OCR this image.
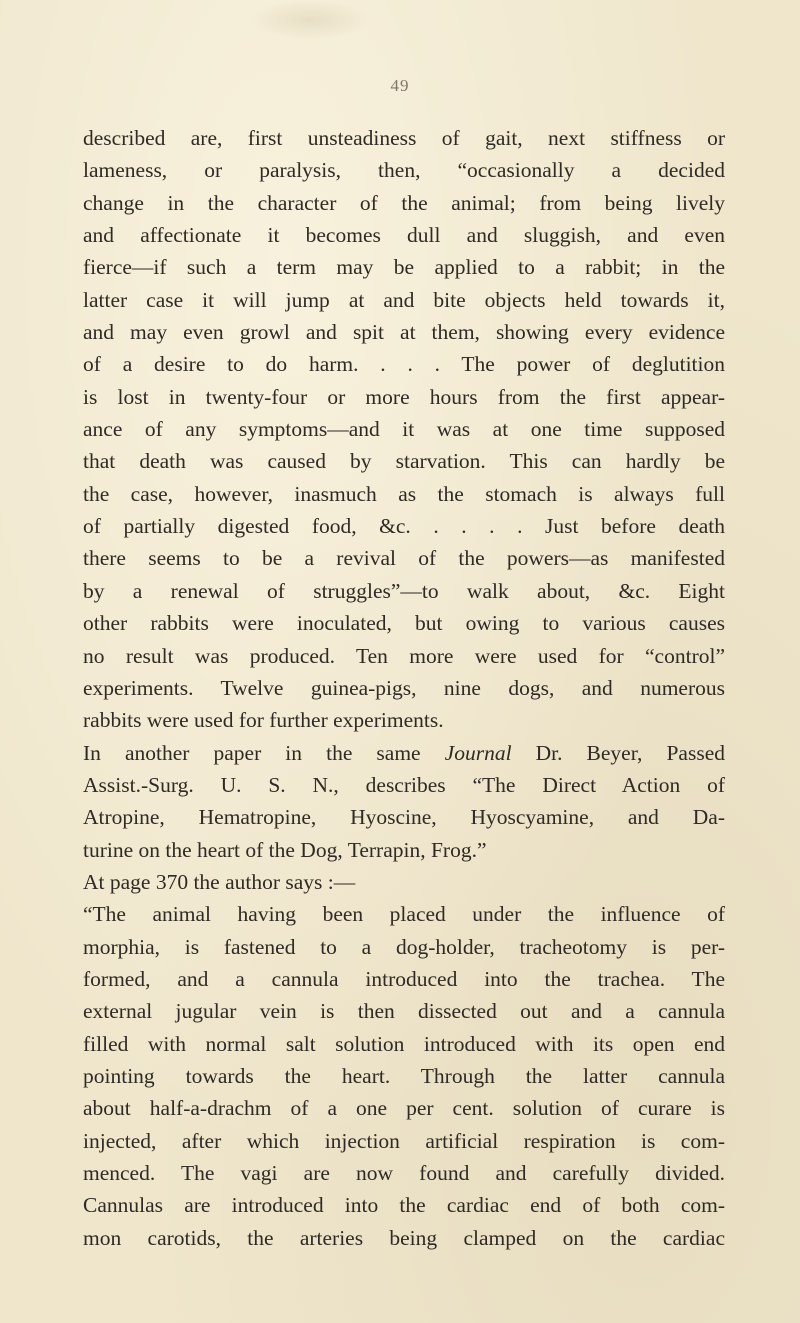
49
described are, first unsteadiness of gait, next stiffness or
lameness, or paralysis, then, “occasionally a decided
change in the character of the animal; from being lively
and affectionate it becomes dull and sluggish, and even
fierce—if such a term may be applied to a rabbit; in the
latter case it will jump at and bite objects held towards it,
and may even growl and spit at them, showing every evidence
of a desire to do harm. . . . The power of deglutition
is lost in twenty-four or more hours from the first appear-
ance of any symptoms—and it was at one time supposed
that death was caused by starvation. This can hardly be
the case, however, inasmuch as the stomach is always full
of partially digested food, &c. . . . . Just before death
there seems to be a revival of the powers—as manifested
by a renewal of struggles”—to walk about, &c. Eight
other rabbits were inoculated, but owing to various causes
no result was produced. Ten more were used for “control”
experiments. Twelve guinea-pigs, nine dogs, and numerous
rabbits were used for further experiments.
In another paper in the same Journal Dr. Beyer, Passed
Assist.-Surg. U. S. N., describes “The Direct Action of
Atropine, Hematropine, Hyoscine, Hyoscyamine, and Da-
turine on the heart of the Dog, Terrapin, Frog.”
At page 370 the author says :—
“The animal having been placed under the influence of
morphia, is fastened to a dog-holder, tracheotomy is per-
formed, and a cannula introduced into the trachea. The
external jugular vein is then dissected out and a cannula
filled with normal salt solution introduced with its open end
pointing towards the heart. Through the latter cannula
about half-a-drachm of a one per cent. solution of curare is
injected, after which injection artificial respiration is com-
menced. The vagi are now found and carefully divided.
Cannulas are introduced into the cardiac end of both com-
mon carotids, the arteries being clamped on the cardiac
